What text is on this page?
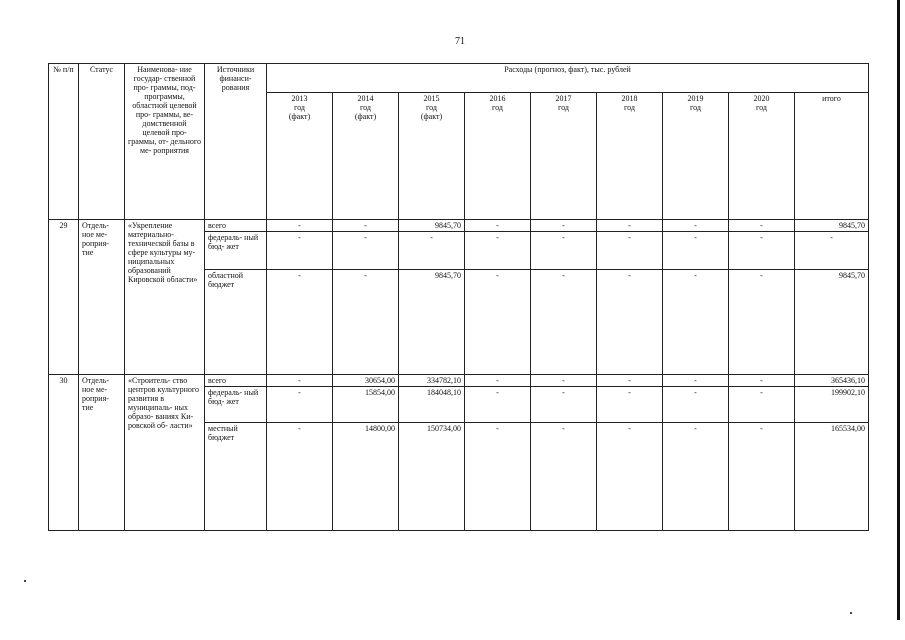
71
№ п/п	Статус	Наименова- ние государ- ственной про- граммы, под- программы, областной целевой про- граммы, ве- домственной целевой про- граммы, от- дельного ме- роприятия	Источники финанси- рования	Расходы (прогноз, факт), тыс. рублей								

				2013
год
(факт)	2014
год
(факт)	2015
год
(факт)	2016
год	2017
год	2018
год	2019
год	2020
год	итого
29	Отдель- ное ме- роприя- тие	«Укрепление материально- технической базы в сфере культуры му- ниципальных образований Кировской области»	всего	-	-	9845,70	-	-	-	-	-	9845,70
			федераль- ный бюд- жет	-	-	-	-	-	-	-	-	-
			областной бюджет	-	-	9845,70	-	-	-	-	-	9845,70
30	Отдель- ное ме- роприя- тие	«Строитель- ство центров культурного развития в муниципаль- ных образо- ваниях Ки- ровской об- ласти»	всего	-	30654,00	334782,10	-	-	-	-	-	365436,10
			федераль- ный бюд- жет	-	15854,00	184048,10	-	-	-	-	-	199902,10
			местный бюджет	-	14800,00	150734,00	-	-	-	-	-	165534,00
